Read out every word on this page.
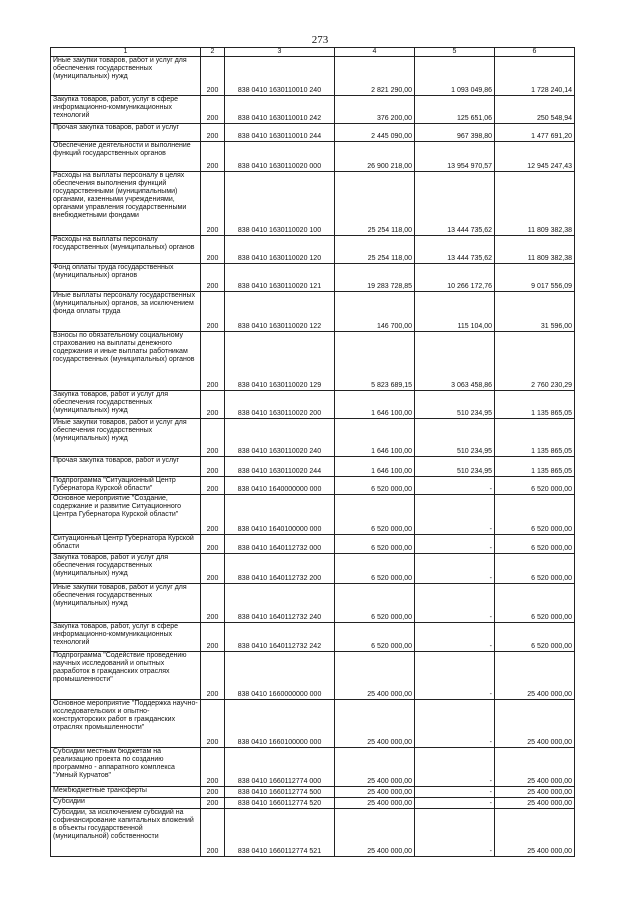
273
1	2	3	4	5	6
Иные закупки товаров, работ и услуг для обеспечения государственных (муниципальных) нужд	200	838 0410 1630110010 240	2 821 290,00	1 093 049,86	1 728 240,14
Закупка товаров, работ, услуг в сфере информационно-коммуникационных технологий	200	838 0410 1630110010 242	376 200,00	125 651,06	250 548,94
Прочая закупка товаров, работ и услуг	200	838 0410 1630110010 244	2 445 090,00	967 398,80	1 477 691,20
Обеспечение деятельности и выполнение функций государственных органов	200	838 0410 1630110020 000	26 900 218,00	13 954 970,57	12 945 247,43
Расходы на выплаты персоналу в целях обеспечения выполнения функций государственными (муниципальными) органами, казенными учреждениями, органами управления государственными внебюджетными фондами	200	838 0410 1630110020 100	25 254 118,00	13 444 735,62	11 809 382,38
Расходы на выплаты персоналу государственных (муниципальных) органов	200	838 0410 1630110020 120	25 254 118,00	13 444 735,62	11 809 382,38
Фонд оплаты труда государственных (муниципальных) органов	200	838 0410 1630110020 121	19 283 728,85	10 266 172,76	9 017 556,09
Иные выплаты персоналу государственных (муниципальных) органов, за исключением фонда оплаты труда	200	838 0410 1630110020 122	146 700,00	115 104,00	31 596,00
Взносы по обязательному социальному страхованию на выплаты денежного содержания и иные выплаты работникам государственных (муниципальных) органов	200	838 0410 1630110020 129	5 823 689,15	3 063 458,86	2 760 230,29
Закупка товаров, работ и услуг для обеспечения государственных (муниципальных) нужд	200	838 0410 1630110020 200	1 646 100,00	510 234,95	1 135 865,05
Иные закупки товаров, работ и услуг для обеспечения государственных (муниципальных) нужд	200	838 0410 1630110020 240	1 646 100,00	510 234,95	1 135 865,05
Прочая закупка товаров, работ и услуг	200	838 0410 1630110020 244	1 646 100,00	510 234,95	1 135 865,05
Подпрограмма "Ситуационный Центр Губернатора Курской области"	200	838 0410 1640000000 000	6 520 000,00	-	6 520 000,00
Основное мероприятие "Создание, содержание и развитие Ситуационного Центра Губернатора Курской области"	200	838 0410 1640100000 000	6 520 000,00	-	6 520 000,00
Ситуационный Центр Губернатора Курской области	200	838 0410 1640112732 000	6 520 000,00	-	6 520 000,00
Закупка товаров, работ и услуг для обеспечения государственных (муниципальных) нужд	200	838 0410 1640112732 200	6 520 000,00	-	6 520 000,00
Иные закупки товаров, работ и услуг для обеспечения государственных (муниципальных) нужд	200	838 0410 1640112732 240	6 520 000,00	-	6 520 000,00
Закупка товаров, работ, услуг в сфере информационно-коммуникационных технологий	200	838 0410 1640112732 242	6 520 000,00	-	6 520 000,00
Подпрограмма "Содействие проведению научных исследований и опытных разработок в гражданских отраслях промышленности"	200	838 0410 1660000000 000	25 400 000,00	-	25 400 000,00
Основное мероприятие "Поддержка научно-исследовательских и опытно-конструкторских работ в гражданских отраслях промышленности"	200	838 0410 1660100000 000	25 400 000,00	-	25 400 000,00
Субсидии местным бюджетам на реализацию проекта по созданию программно - аппаратного комплекса "Умный Курчатов"	200	838 0410 1660112774 000	25 400 000,00	-	25 400 000,00
Межбюджетные трансферты	200	838 0410 1660112774 500	25 400 000,00	-	25 400 000,00
Субсидии	200	838 0410 1660112774 520	25 400 000,00	-	25 400 000,00
Субсидии, за исключением субсидий на софинансирование капитальных вложений в объекты государственной (муниципальной) собственности	200	838 0410 1660112774 521	25 400 000,00	-	25 400 000,00
